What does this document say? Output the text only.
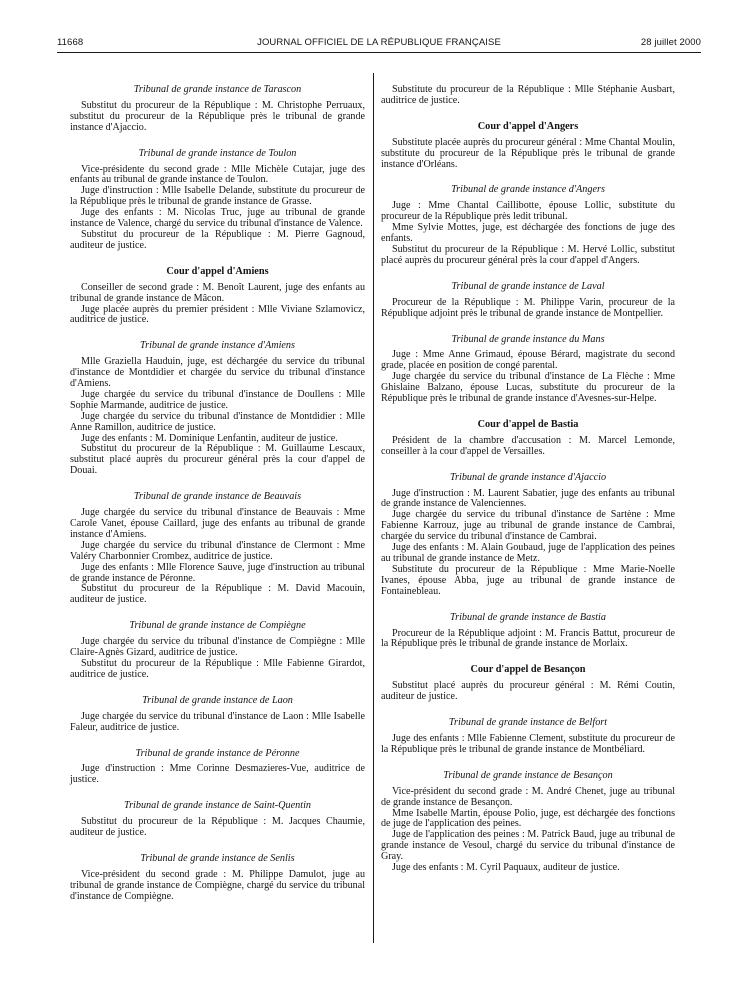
11668	JOURNAL OFFICIEL DE LA RÉPUBLIQUE FRANÇAISE	28 juillet 2000
Tribunal de grande instance de Tarascon

Substitut du procureur de la République : M. Christophe Perruaux, substitut du procureur de la République près le tribunal de grande instance d'Ajaccio.

Tribunal de grande instance de Toulon

Vice-présidente du second grade : Mlle Michèle Cutajar, juge des enfants au tribunal de grande instance de Toulon.

Juge d'instruction : Mlle Isabelle Delande, substitute du procureur de la République près le tribunal de grande instance de Grasse.

Juge des enfants : M. Nicolas Truc, juge au tribunal de grande instance de Valence, chargé du service du tribunal d'instance de Valence.

Substitut du procureur de la République : M. Pierre Gagnoud, auditeur de justice.

Cour d'appel d'Amiens

Conseiller de second grade : M. Benoît Laurent, juge des enfants au tribunal de grande instance de Mâcon.

Juge placée auprès du premier président : Mlle Viviane Szlamovicz, auditrice de justice.

Tribunal de grande instance d'Amiens

Mlle Graziella Hauduin, juge, est déchargée du service du tribunal d'instance de Montdidier et chargée du service du tribunal d'instance d'Amiens.

Juge chargée du service du tribunal d'instance de Doullens : Mlle Sophie Marmande, auditrice de justice.

Juge chargée du service du tribunal d'instance de Montdidier : Mlle Anne Ramillon, auditrice de justice.

Juge des enfants : M. Dominique Lenfantin, auditeur de justice.

Substitut du procureur de la République : M. Guillaume Lescaux, substitut placé auprès du procureur général près la cour d'appel de Douai.

Tribunal de grande instance de Beauvais

Juge chargée du service du tribunal d'instance de Beauvais : Mme Carole Vanet, épouse Caillard, juge des enfants au tribunal de grande instance d'Amiens.

Juge chargée du service du tribunal d'instance de Clermont : Mme Valéry Charbonnier Crombez, auditrice de justice.

Juge des enfants : Mlle Florence Sauve, juge d'instruction au tribunal de grande instance de Péronne.

Substitut du procureur de la République : M. David Macouin, auditeur de justice.

Tribunal de grande instance de Compiègne

Juge chargée du service du tribunal d'instance de Compiègne : Mlle Claire-Agnès Gizard, auditrice de justice.

Substitut du procureur de la République : Mlle Fabienne Girardot, auditrice de justice.

Tribunal de grande instance de Laon

Juge chargée du service du tribunal d'instance de Laon : Mlle Isabelle Faleur, auditrice de justice.

Tribunal de grande instance de Péronne

Juge d'instruction : Mme Corinne Desmazieres-Vue, auditrice de justice.

Tribunal de grande instance de Saint-Quentin

Substitut du procureur de la République : M. Jacques Chaumie, auditeur de justice.

Tribunal de grande instance de Senlis

Vice-président du second grade : M. Philippe Damulot, juge au tribunal de grande instance de Compiègne, chargé du service du tribunal d'instance de Compiègne.

Substitute du procureur de la République : Mlle Stéphanie Ausbart, auditrice de justice.

Cour d'appel d'Angers

Substitute placée auprès du procureur général : Mme Chantal Moulin, substitute du procureur de la République près le tribunal de grande instance d'Orléans.

Tribunal de grande instance d'Angers

Juge : Mme Chantal Caillibotte, épouse Lollic, substitute du procureur de la République près ledit tribunal.

Mme Sylvie Mottes, juge, est déchargée des fonctions de juge des enfants.

Substitut du procureur de la République : M. Hervé Lollic, substitut placé auprès du procureur général près la cour d'appel d'Angers.

Tribunal de grande instance de Laval

Procureur de la République : M. Philippe Varin, procureur de la République adjoint près le tribunal de grande instance de Montpellier.

Tribunal de grande instance du Mans

Juge : Mme Anne Grimaud, épouse Bérard, magistrate du second grade, placée en position de congé parental.

Juge chargée du service du tribunal d'instance de La Flèche : Mme Ghislaine Balzano, épouse Lucas, substitute du procureur de la République près le tribunal de grande instance d'Avesnes-sur-Helpe.

Cour d'appel de Bastia

Président de la chambre d'accusation : M. Marcel Lemonde, conseiller à la cour d'appel de Versailles.

Tribunal de grande instance d'Ajaccio

Juge d'instruction : M. Laurent Sabatier, juge des enfants au tribunal de grande instance de Valenciennes.

Juge chargée du service du tribunal d'instance de Sartène : Mme Fabienne Karrouz, juge au tribunal de grande instance de Cambrai, chargée du service du tribunal d'instance de Cambrai.

Juge des enfants : M. Alain Goubaud, juge de l'application des peines au tribunal de grande instance de Metz.

Substitute du procureur de la République : Mme Marie-Noelle Ivanes, épouse Abba, juge au tribunal de grande instance de Fontainebleau.

Tribunal de grande instance de Bastia

Procureur de la République adjoint : M. Francis Battut, procureur de la République près le tribunal de grande instance de Morlaix.

Cour d'appel de Besançon

Substitut placé auprès du procureur général : M. Rémi Coutin, auditeur de justice.

Tribunal de grande instance de Belfort

Juge des enfants : Mlle Fabienne Clement, substitute du procureur de la République près le tribunal de grande instance de Montbéliard.

Tribunal de grande instance de Besançon

Vice-président du second grade : M. André Chenet, juge au tribunal de grande instance de Besançon.

Mme Isabelle Martin, épouse Polio, juge, est déchargée des fonctions de juge de l'application des peines.

Juge de l'application des peines : M. Patrick Baud, juge au tribunal de grande instance de Vesoul, chargé du service du tribunal d'instance de Gray.

Juge des enfants : M. Cyril Paquaux, auditeur de justice.
